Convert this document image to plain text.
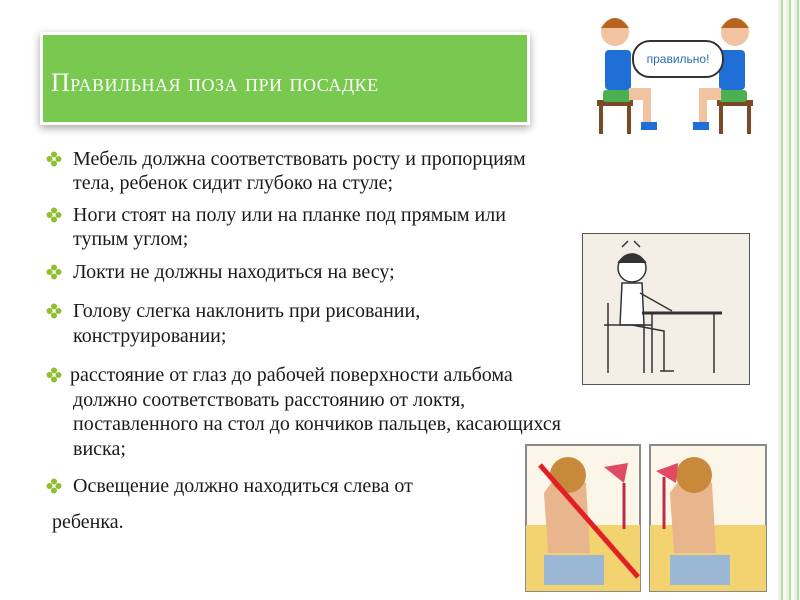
Правильная поза при посадке
Мебель должна соответствовать росту и пропорциям
тела, ребенок сидит глубоко на стуле;
Ноги стоят на полу или на планке под прямым или
тупым углом;
Локти не должны находиться на весу;
Голову слегка наклонить при рисовании,
конструировании;
расстояние от глаз до рабочей поверхности альбома
должно соответствовать расстоянию от локтя,
поставленного на стол до кончиков пальцев, касающихся
виска;
Освещение должно находиться слева от
ребенка.
правильно!
